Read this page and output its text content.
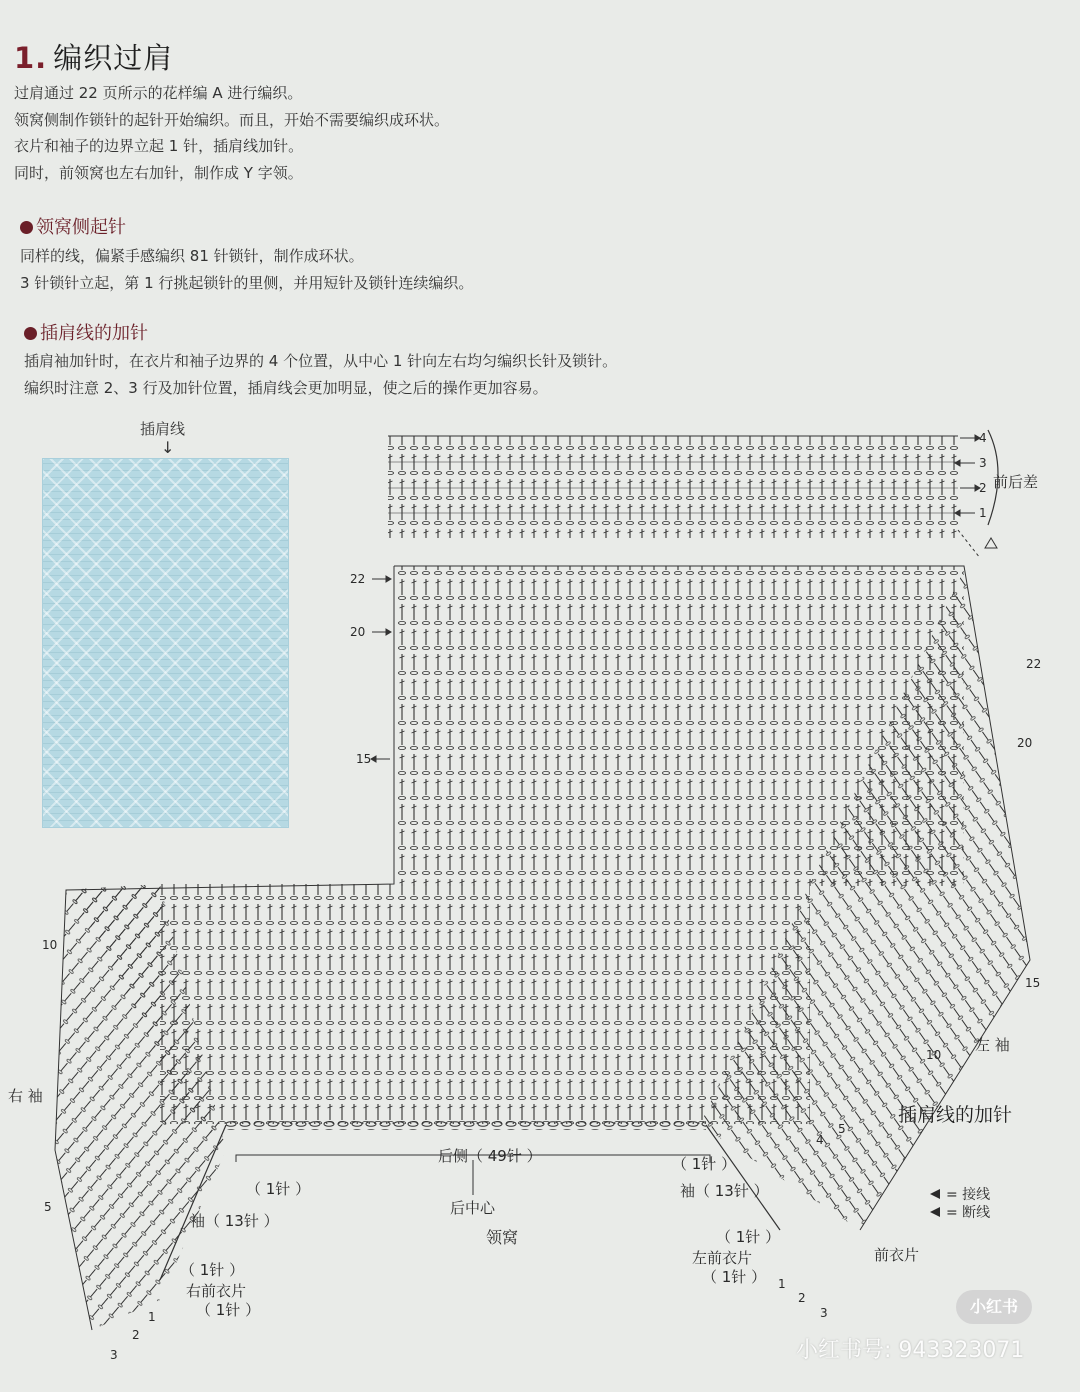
1. 编织过肩
过肩通过 22 页所示的花样编 A 进行编织。
领窝侧制作锁针的起针开始编织。而且，开始不需要编织成环状。
衣片和袖子的边界立起 1 针，插肩线加针。
同时，前领窝也左右加针，制作成 Y 字领。
领窝侧起针
同样的线，偏紧手感编织 81 针锁针，制作成环状。
3 针锁针立起，第 1 行挑起锁针的里侧，并用短针及锁针连续编织。
插肩线的加针
插肩袖加针时，在衣片和袖子边界的 4 个位置，从中心 1 针向左右均匀编织长针及锁针。
编织时注意 2、3 行及加针位置，插肩线会更加明显，使之后的操作更加容易。
插肩线
↓
前后差
4
3
2
1
22
20
15
22
20
15
10
5
4
10
5
1
2
3
1
2
3
左 袖
右 袖
插肩线的加针
后侧（ 49针 ）
后中心
领窝
（ 1针 ）
袖（ 13针 ）
（ 1针 ）
右前衣片
（ 1针 ）
（ 1针 ）
袖（ 13针 ）
（ 1针 ）
左前衣片
（ 1针 ）
前衣片
= 接线
= 断线
小红书
小红书号: 943323071
